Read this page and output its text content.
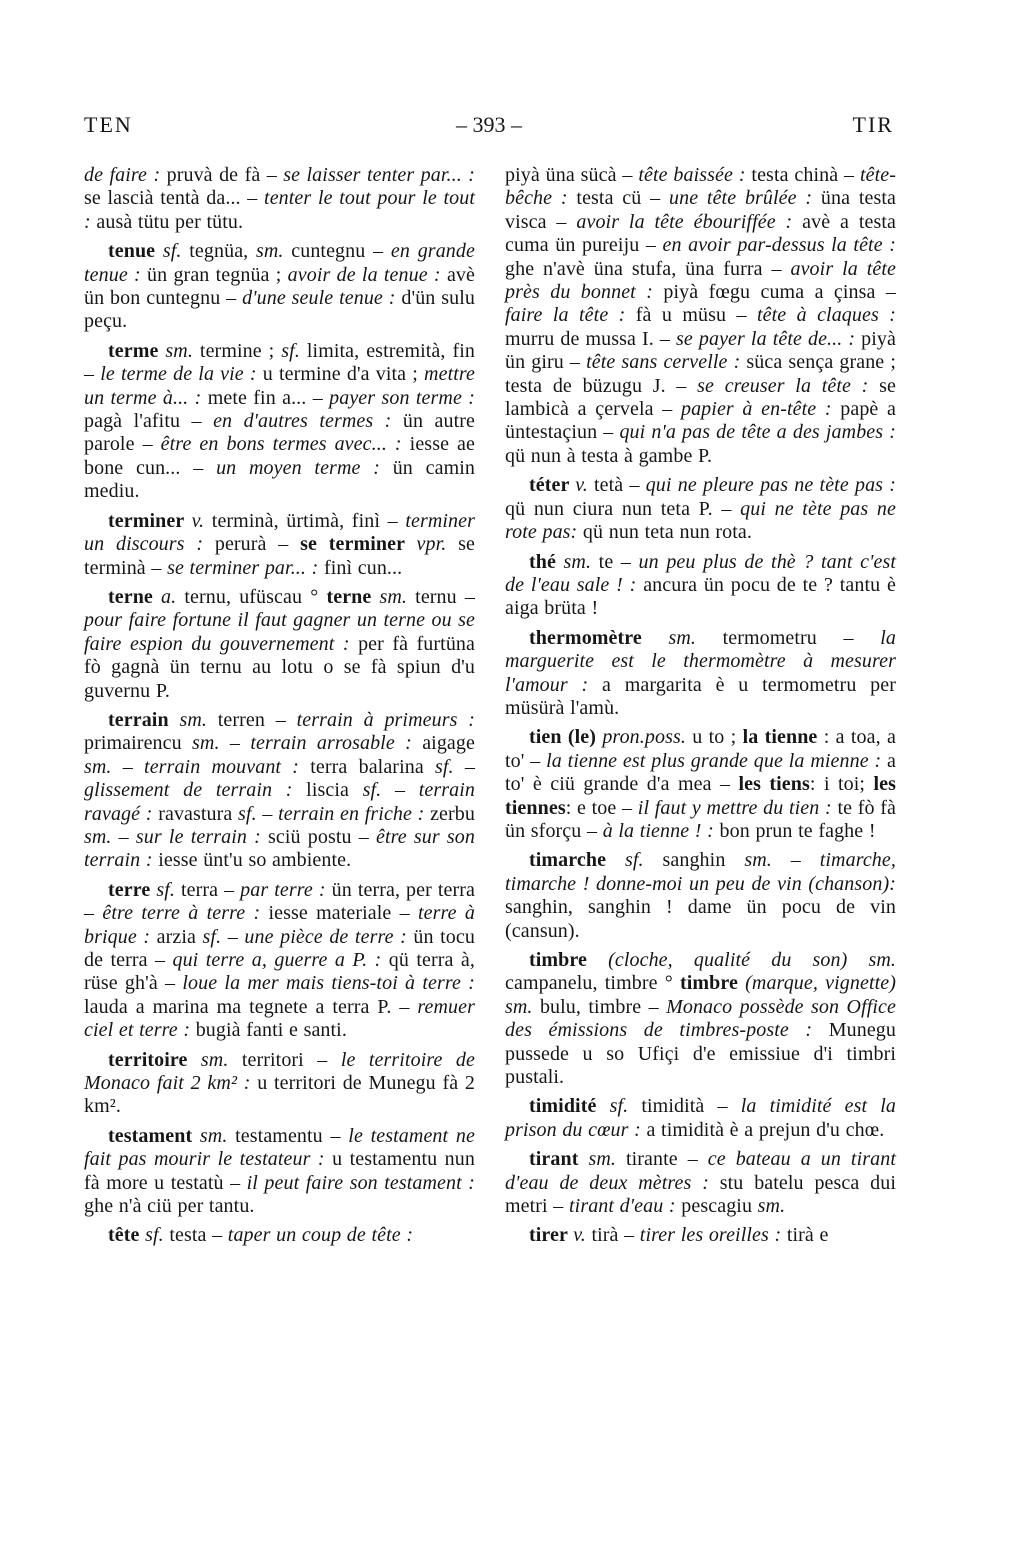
TEN	– 393 –	TIR

de faire : pruvà de fà – se laisser tenter par... : se lascià tentà da... – tenter le tout pour le tout : ausà tütu per tütu.

tenue sf. tegnüa, sm. cuntegnu – en grande tenue : ün gran tegnüa ; avoir de la tenue : avè ün bon cuntegnu – d'une seule tenue : d'ün sulu peçu.

terme sm. termine ; sf. limita, estremità, fin – le terme de la vie : u termine d'a vita ; mettre un terme à... : mete fin a... – payer son terme : pagà l'afitu – en d'autres termes : ün autre parole – être en bons termes avec... : iesse ae bone cun... – un moyen terme : ün camin mediu.

terminer v. terminà, ürtimà, finì – terminer un discours : perurà – se terminer vpr. se terminà – se terminer par... : finì cun...

terne a. ternu, ufüscau ° terne sm. ternu – pour faire fortune il faut gagner un terne ou se faire espion du gouvernement : per fà furtüna fò gagnà ün ternu au lotu o se fà spiun d'u guvernu P.

terrain sm. terren – terrain à primeurs : primairencu sm. – terrain arrosable : aigage sm. – terrain mouvant : terra balarina sf. – glissement de terrain : liscia sf. – terrain ravagé : ravastura sf. – terrain en friche : zerbu sm. – sur le terrain : sciü postu – être sur son terrain : iesse ünt'u so ambiente.

terre sf. terra – par terre : ün terra, per terra – être terre à terre : iesse materiale – terre à brique : arzia sf. – une pièce de terre : ün tocu de terra – qui terre a, guerre a P. : qü terra à, rüse gh'à – loue la mer mais tiens-toi à terre : lauda a marina ma tegnete a terra P. – remuer ciel et terre : bugià fanti e santi.

territoire sm. territori – le territoire de Monaco fait 2 km² : u territori de Munegu fà 2 km².

testament sm. testamentu – le testament ne fait pas mourir le testateur : u testamentu nun fà more u testatù – il peut faire son testament : ghe n'à ciü per tantu.

tête sf. testa – taper un coup de tête :

piyà üna sücà – tête baissée : testa chinà – tête-bêche : testa cü – une tête brûlée : üna testa visca – avoir la tête ébouriffée : avè a testa cuma ün pureiju – en avoir par-dessus la tête : ghe n'avè üna stufa, üna furra – avoir la tête près du bonnet : piyà fœgu cuma a çinsa – faire la tête : fà u müsu – tête à claques : murru de mussa I. – se payer la tête de... : piyà ün giru – tête sans cervelle : süca sença grane ; testa de büzugu J. – se creuser la tête : se lambicà a çervela – papier à en-tête : papè a üntestaçiun – qui n'a pas de tête a des jambes : qü nun à testa à gambe P.

téter v. tetà – qui ne pleure pas ne tète pas : qü nun ciura nun teta P. – qui ne tète pas ne rote pas: qü nun teta nun rota.

thé sm. te – un peu plus de thè ? tant c'est de l'eau sale ! : ancura ün pocu de te ? tantu è aiga brüta !

thermomètre sm. termometru – la marguerite est le thermomètre à mesurer l'amour : a margarita è u termometru per müsürà l'amù.

tien (le) pron.poss. u to ; la tienne : a toa, a to' – la tienne est plus grande que la mienne : a to' è ciü grande d'a mea – les tiens: i toi; les tiennes: e toe – il faut y mettre du tien : te fò fà ün sforçu – à la tienne ! : bon prun te faghe !

timarche sf. sanghin sm. – timarche, timarche ! donne-moi un peu de vin (chanson): sanghin, sanghin ! dame ün pocu de vin (cansun).

timbre (cloche, qualité du son) sm. campanelu, timbre ° timbre (marque, vignette) sm. bulu, timbre – Monaco possède son Office des émissions de timbres-poste : Munegu pussede u so Ufiçi d'e emissiue d'i timbri pustali.

timidité sf. timidità – la timidité est la prison du cœur : a timidità è a prejun d'u chœ.

tirant sm. tirante – ce bateau a un tirant d'eau de deux mètres : stu batelu pesca dui metri – tirant d'eau : pescagiu sm.

tirer v. tirà – tirer les oreilles : tirà e
